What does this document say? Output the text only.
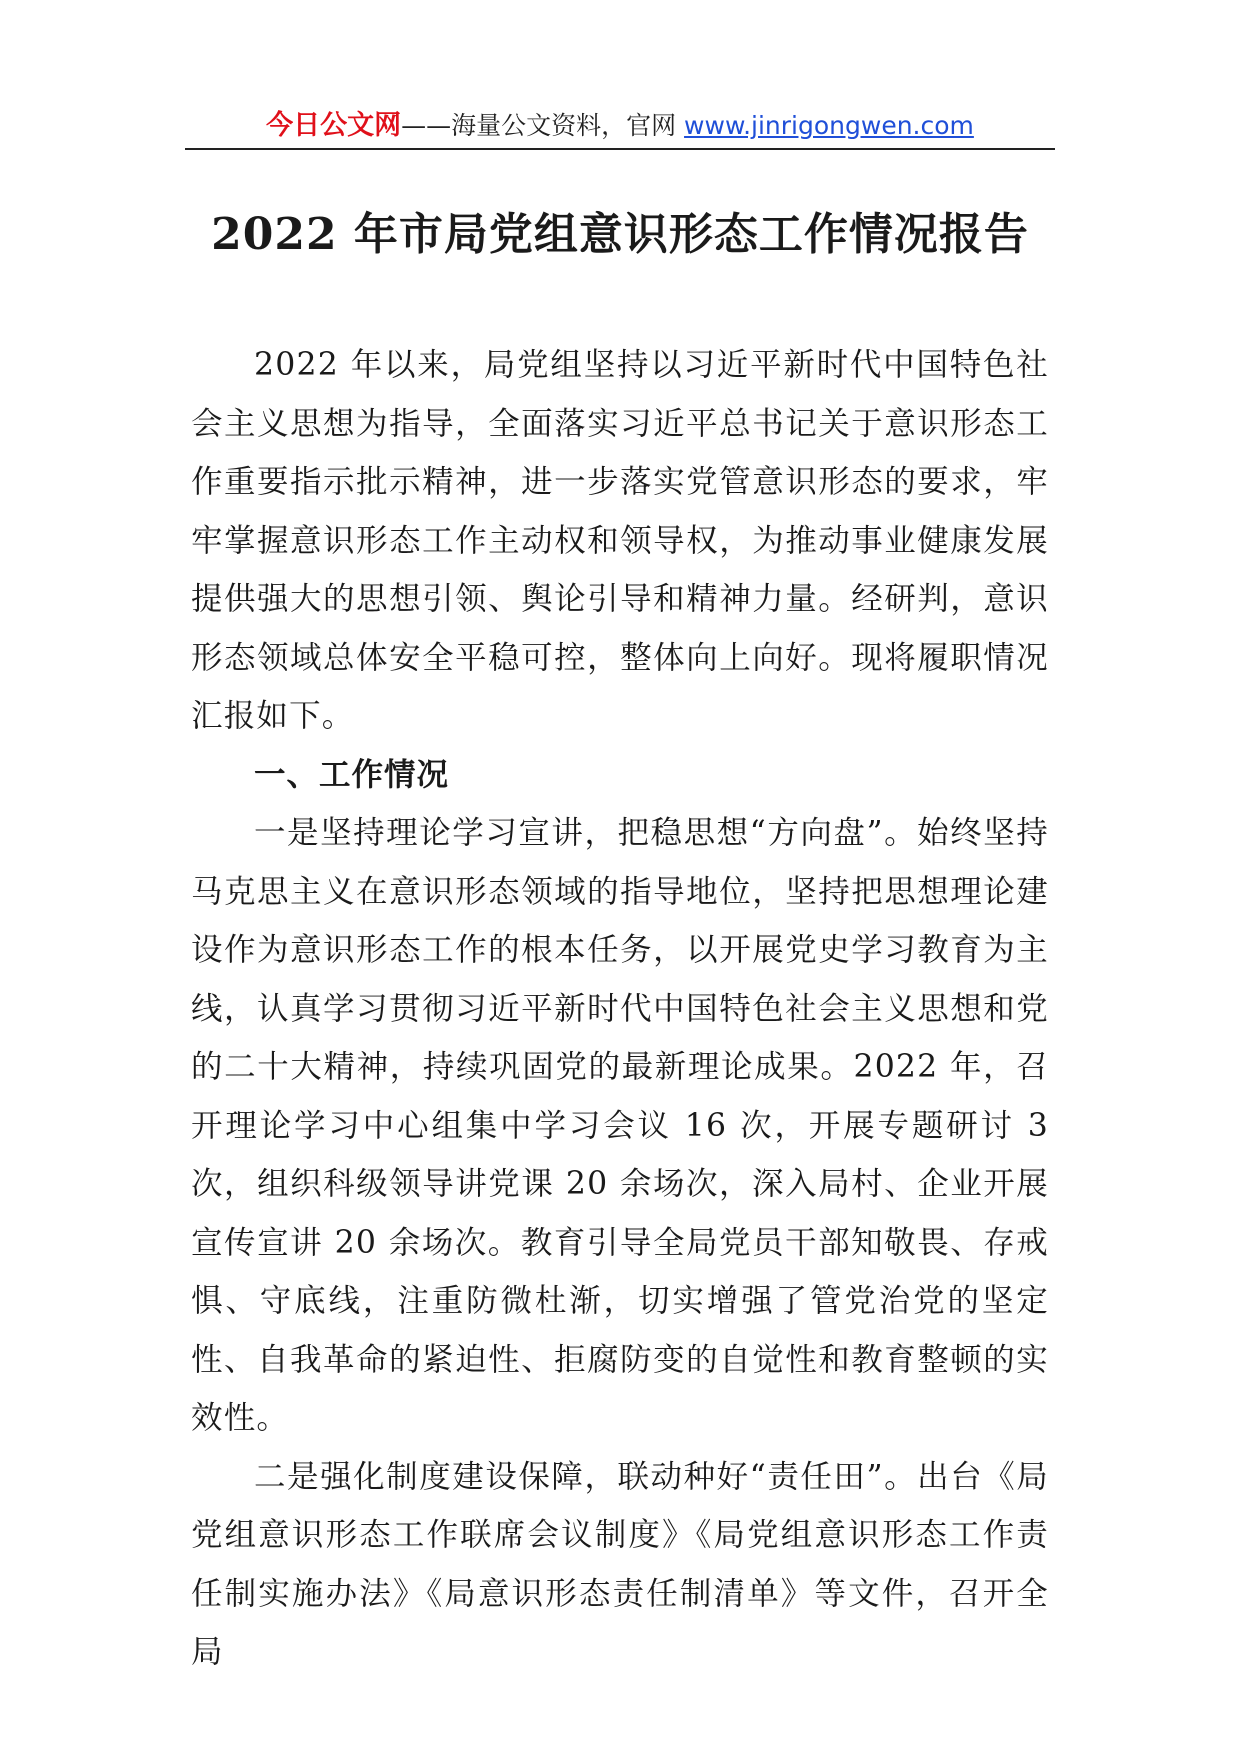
今日公文网——海量公文资料，官网 www.jinrigongwen.com
2022 年市局党组意识形态工作情况报告

2022 年以来，局党组坚持以习近平新时代中国特色社会主义思想为指导，全面落实习近平总书记关于意识形态工作重要指示批示精神，进一步落实党管意识形态的要求，牢牢掌握意识形态工作主动权和领导权，为推动事业健康发展提供强大的思想引领、舆论引导和精神力量。经研判，意识形态领域总体安全平稳可控，整体向上向好。现将履职情况汇报如下。

一、工作情况

一是坚持理论学习宣讲，把稳思想“方向盘”。始终坚持马克思主义在意识形态领域的指导地位，坚持把思想理论建设作为意识形态工作的根本任务，以开展党史学习教育为主线，认真学习贯彻习近平新时代中国特色社会主义思想和党的二十大精神，持续巩固党的最新理论成果。2022 年，召开理论学习中心组集中学习会议 16 次，开展专题研讨 3 次，组织科级领导讲党课 20 余场次，深入局村、企业开展宣传宣讲 20 余场次。教育引导全局党员干部知敬畏、存戒惧、守底线，注重防微杜渐，切实增强了管党治党的坚定性、自我革命的紧迫性、拒腐防变的自觉性和教育整顿的实效性。

二是强化制度建设保障，联动种好“责任田”。出台《局党组意识形态工作联席会议制度》《局党组意识形态工作责任制实施办法》《局意识形态责任制清单》等文件，召开全局
